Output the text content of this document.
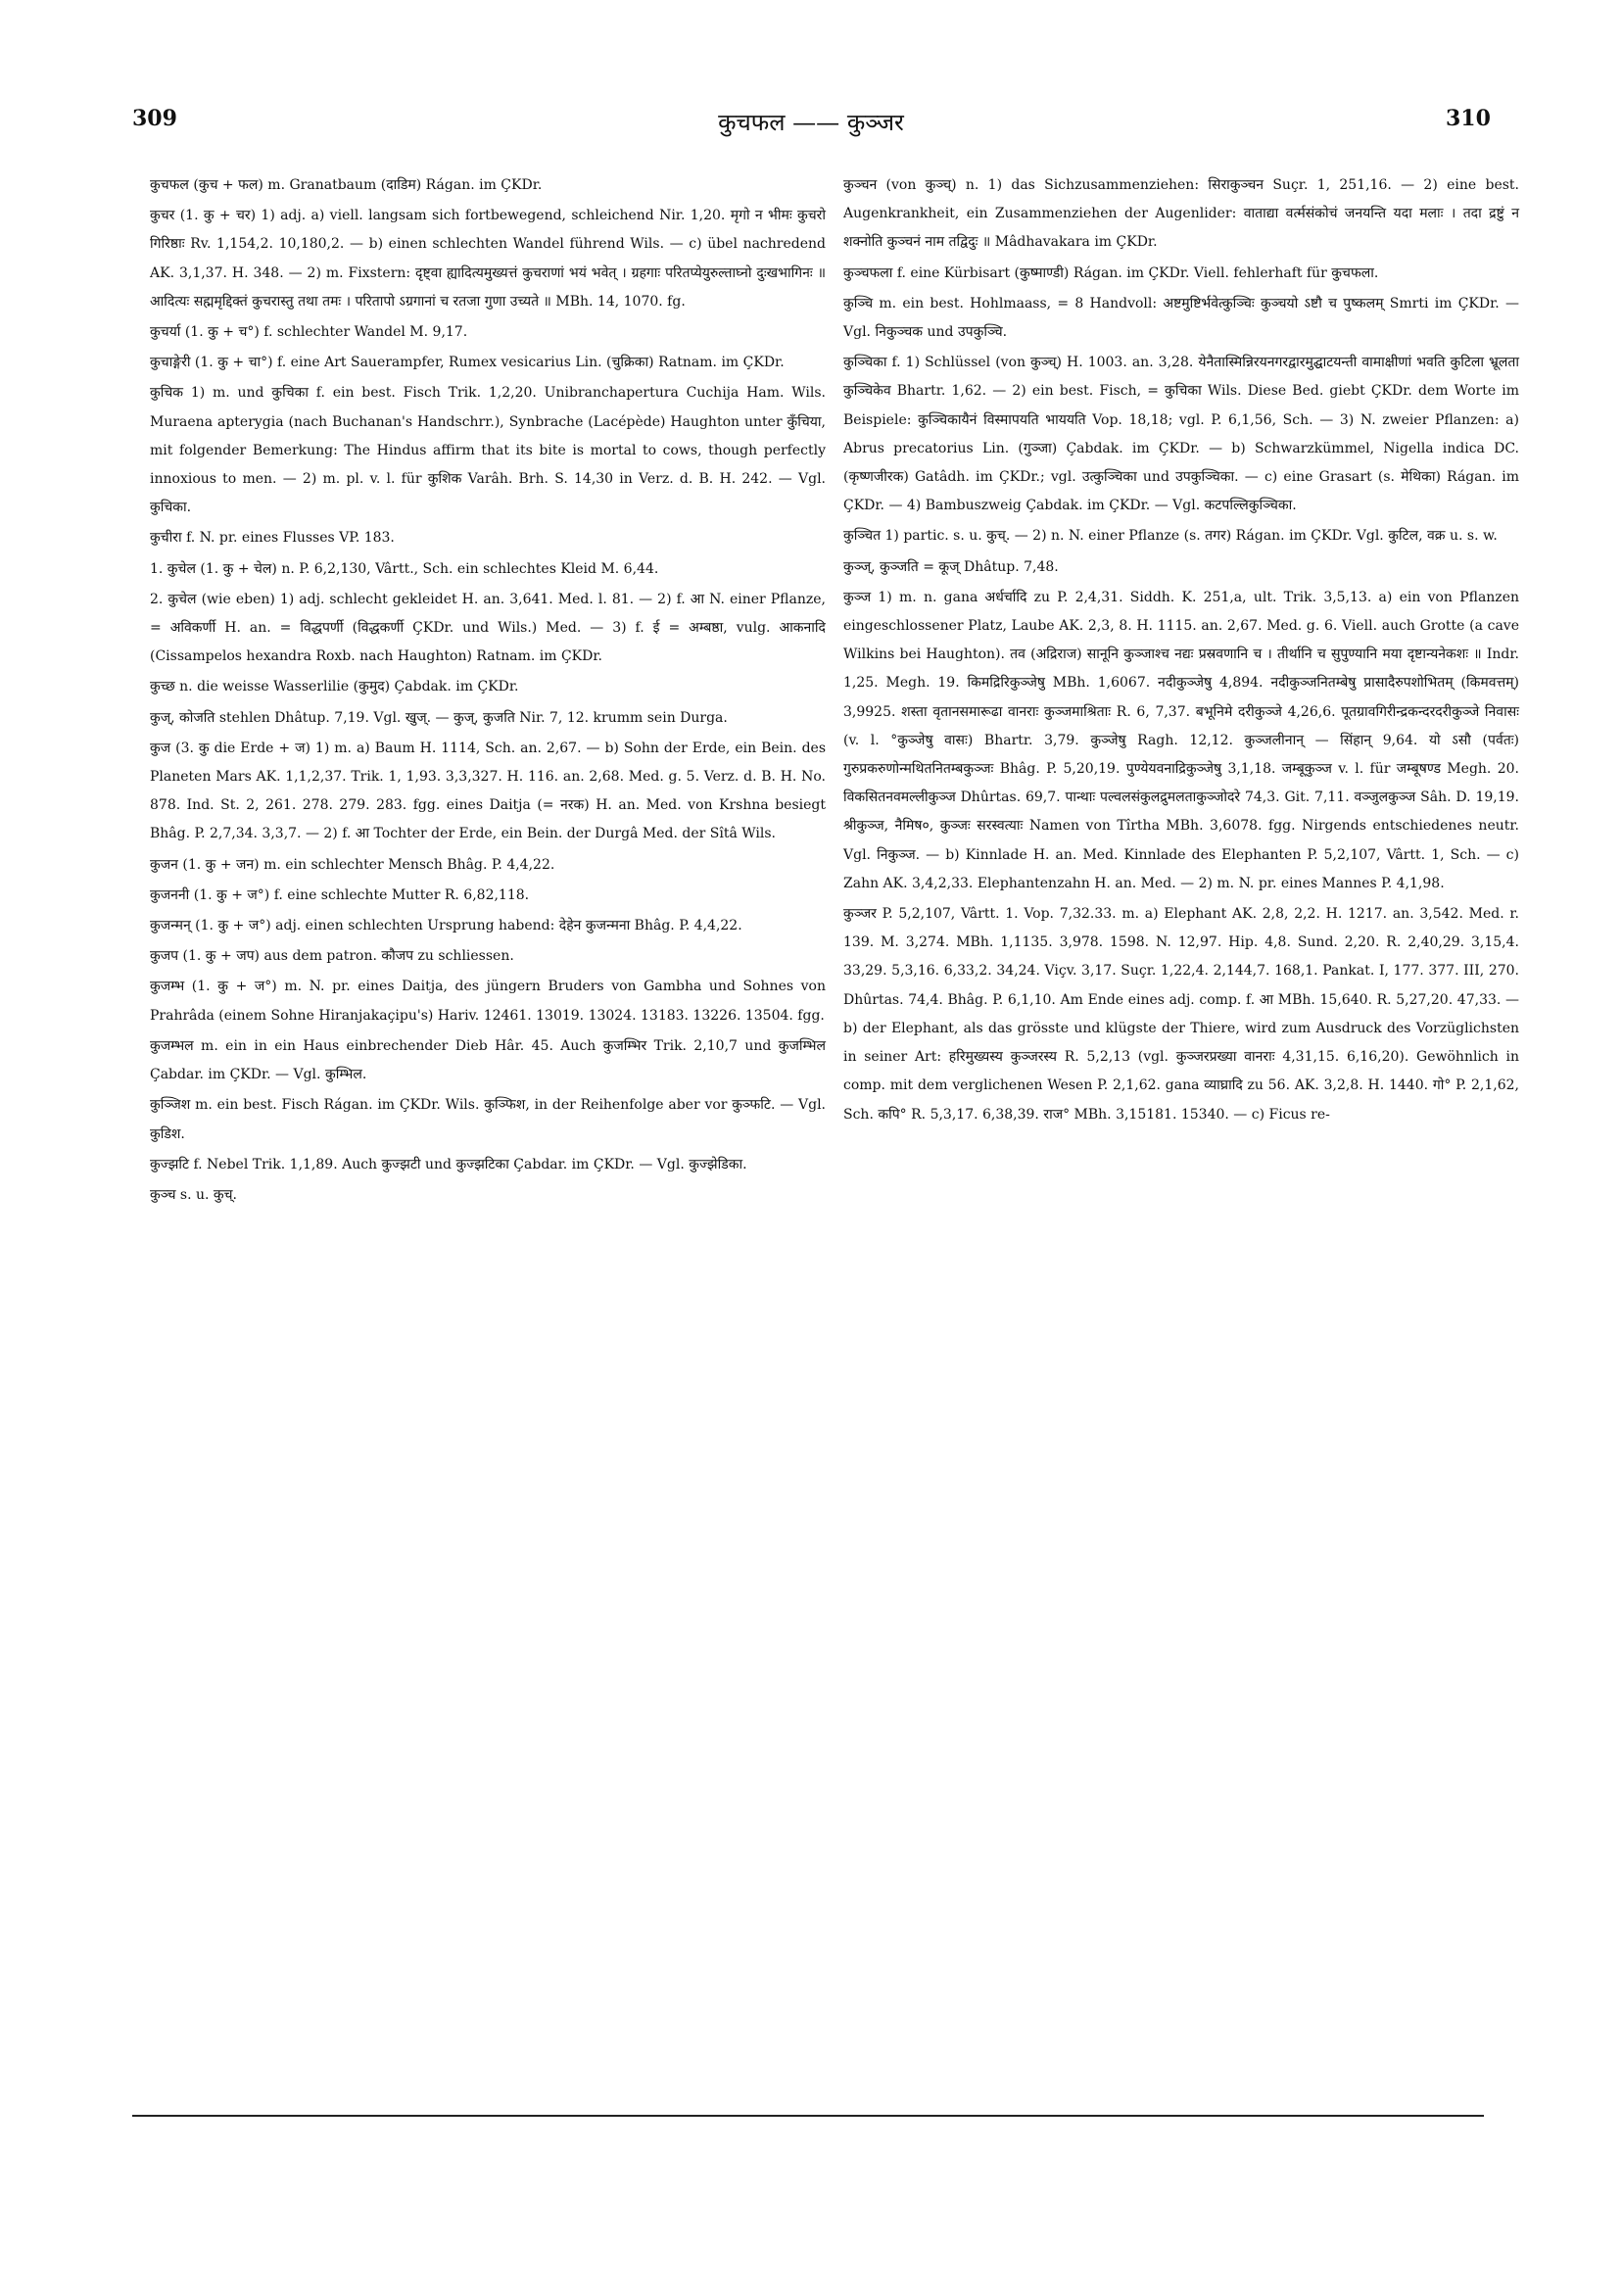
309	कुचफल —— कुञ्जर	310

कुचफल (कुच + फल) m. Granatbaum (दाडिम) Rágan. im ÇKDr.

कुचर (1. कु + चर) 1) adj. a) viell. langsam sich fortbewegend, schleichend Nir. 1,20. मृगो न भीमः कुचरो गिरिष्ठाः Rv. 1,154,2. 10,180,2. — b) einen schlechten Wandel führend Wils. — c) übel nachredend AK. 3,1,37. H. 348. — 2) m. Fixstern: दृष्ट्वा ह्यादित्यमुख्यत्तं कुचराणां भयं भवेत् । ग्रहगाः परितप्येयुरुल्ताघ्नो दुःखभागिनः ॥ आदित्यः सह्ममृद्दिक्तं कुचरास्तु तथा तमः । परितापो ऽग्रगानां च रतजा गुणा उच्यते ॥ MBh. 14, 1070. fg.

कुचर्या (1. कु + च°) f. schlechter Wandel M. 9,17.

कुचाङ्गेरी (1. कु + चा°) f. eine Art Sauerampfer, Rumex vesicarius Lin. (चुक्रिका) Ratnam. im ÇKDr.

कुचिक 1) m. und कुचिका f. ein best. Fisch Trik. 1,2,20. Unibranchapertura Cuchija Ham. Wils. Muraena apterygia (nach Buchanan's Handschrr.), Synbrache (Lacépède) Haughton unter कुँचिया, mit folgender Bemerkung: The Hindus affirm that its bite is mortal to cows, though perfectly innoxious to men. — 2) m. pl. v. l. für कुशिक Varâh. Brh. S. 14,30 in Verz. d. B. H. 242. — Vgl. कुचिका.

कुचीरा f. N. pr. eines Flusses VP. 183.

1. कुचेल (1. कु + चेल) n. P. 6,2,130, Vârtt., Sch. ein schlechtes Kleid M. 6,44.

2. कुचेल (wie eben) 1) adj. schlecht gekleidet H. an. 3,641. Med. l. 81. — 2) f. आ N. einer Pflanze, = अविकर्णी H. an. = विद्धपर्णी (विद्धकर्णी ÇKDr. und Wils.) Med. — 3) f. ई = अम्बष्ठा, vulg. आकनादि (Cissampelos hexandra Roxb. nach Haughton) Ratnam. im ÇKDr.

कुच्छ n. die weisse Wasserlilie (कुमुद) Çabdak. im ÇKDr.

कुज्, कोजति stehlen Dhâtup. 7,19. Vgl. खुज्. — कुज्, कुजति Nir. 7, 12. krumm sein Durga.

कुज (3. कु die Erde + ज) 1) m. a) Baum H. 1114, Sch. an. 2,67. — b) Sohn der Erde, ein Bein. des Planeten Mars AK. 1,1,2,37. Trik. 1, 1,93. 3,3,327. H. 116. an. 2,68. Med. g. 5. Verz. d. B. H. No. 878. Ind. St. 2, 261. 278. 279. 283. fgg. eines Daitja (= नरक) H. an. Med. von Krshna besiegt Bhâg. P. 2,7,34. 3,3,7. — 2) f. आ Tochter der Erde, ein Bein. der Durgâ Med. der Sîtâ Wils.

कुजन (1. कु + जन) m. ein schlechter Mensch Bhâg. P. 4,4,22.

कुजननी (1. कु + ज°) f. eine schlechte Mutter R. 6,82,118.

कुजन्मन् (1. कु + ज°) adj. einen schlechten Ursprung habend: देहेन कुजन्मना Bhâg. P. 4,4,22.

कुजप (1. कु + जप) aus dem patron. कौजप zu schliessen.

कुजम्भ (1. कु + ज°) m. N. pr. eines Daitja, des jüngern Bruders von Gambha und Sohnes von Prahrâda (einem Sohne Hiranjakaçipu's) Hariv. 12461. 13019. 13024. 13183. 13226. 13504. fgg.

कुजम्भल m. ein in ein Haus einbrechender Dieb Hâr. 45. Auch कुजम्भिर Trik. 2,10,7 und कुजम्भिल Çabdar. im ÇKDr. — Vgl. कुम्भिल.

कुञ्जिश m. ein best. Fisch Rágan. im ÇKDr. Wils. कुञ्फिश, in der Reihenfolge aber vor कुञ्फटि. — Vgl. कुडिश.

कुज्झटि f. Nebel Trik. 1,1,89. Auch कुज्झटी und कुज्झटिका Çabdar. im ÇKDr. — Vgl. कुज्झेडिका.

कुञ्च s. u. कुच्.

कुञ्चन (von कुञ्च्) n. 1) das Sichzusammenziehen: सिराकुञ्चन Suçr. 1, 251,16. — 2) eine best. Augenkrankheit, ein Zusammenziehen der Augenlider: वाताद्या वर्त्मसंकोचं जनयन्ति यदा मलाः । तदा द्रष्टुं न शक्नोति कुञ्चनं नाम तद्विदुः ॥ Mâdhavakara im ÇKDr.

कुञ्चफला f. eine Kürbisart (कुष्माण्डी) Rágan. im ÇKDr. Viell. fehlerhaft für कुचफला.

कुञ्चि m. ein best. Hohlmaass, = 8 Handvoll: अष्टमुष्टिर्भवेत्कुञ्चिः कुञ्चयो ऽष्टौ च पुष्कलम् Smrti im ÇKDr. — Vgl. निकुञ्चक und उपकुञ्चि.

कुञ्चिका f. 1) Schlüssel (von कुञ्च्) H. 1003. an. 3,28. येनैतास्मिन्निरयनगरद्वारमुद्घाटयन्ती वामाक्षीणां भवति कुटिला भ्रूलता कुञ्चिकेव Bhartr. 1,62. — 2) ein best. Fisch, = कुचिका Wils. Diese Bed. giebt ÇKDr. dem Worte im Beispiele: कुञ्चिकायैनं विस्मापयति भाययति Vop. 18,18; vgl. P. 6,1,56, Sch. — 3) N. zweier Pflanzen: a) Abrus precatorius Lin. (गुञ्जा) Çabdak. im ÇKDr. — b) Schwarzkümmel, Nigella indica DC. (कृष्णजीरक) Gatâdh. im ÇKDr.; vgl. उत्कुञ्चिका und उपकुञ्चिका. — c) eine Grasart (s. मेथिका) Rágan. im ÇKDr. — 4) Bambuszweig Çabdak. im ÇKDr. — Vgl. कटपल्लिकुञ्चिका.

कुञ्चित 1) partic. s. u. कुच्. — 2) n. N. einer Pflanze (s. तगर) Rágan. im ÇKDr. Vgl. कुटिल, वक्र u. s. w.

कुञ्ज्, कुञ्जति = कूज् Dhâtup. 7,48.

कुञ्ज 1) m. n. gana अर्धर्चादि zu P. 2,4,31. Siddh. K. 251,a, ult. Trik. 3,5,13. a) ein von Pflanzen eingeschlossener Platz, Laube AK. 2,3, 8. H. 1115. an. 2,67. Med. g. 6. Viell. auch Grotte (a cave Wilkins bei Haughton). तव (अद्रिराज) सानूनि कुञ्जाश्च नद्यः प्रस्रवणानि च । तीर्थानि च सुपुण्यानि मया दृष्टान्यनेकशः ॥ Indr. 1,25. Megh. 19. किमद्रिरिकुञ्जेषु MBh. 1,6067. नदीकुञ्जेषु 4,894. नदीकुञ्जनितम्बेषु प्रासादैरुपशोभितम् (किमवत्तम्) 3,9925. शस्ता वृतानसमारूढा वानराः कुञ्जमाश्रिताः R. 6, 7,37. बभूनिमे दरीकुञ्जे 4,26,6. पूतग्रावगिरीन्द्रकन्दरदरीकुञ्जे निवासः (v. l. °कुञ्जेषु वासः) Bhartr. 3,79. कुञ्जेषु Ragh. 12,12. कुञ्जलीनान् — सिंहान् 9,64. यो ऽसौ (पर्वतः) गुरुप्रकरुणोन्मथितनितम्बकुञ्जः Bhâg. P. 5,20,19. पुण्येयवनाद्रिकुञ्जेषु 3,1,18. जम्बूकुञ्ज v. l. für जम्बूषण्ड Megh. 20. विकसितनवमल्लीकुञ्ज Dhûrtas. 69,7. पान्थाः पल्वलसंकुलद्रुमलताकुञ्जोदरे 74,3. Git. 7,11. वञ्जुलकुञ्ज Sâh. D. 19,19. श्रीकुञ्ज, नैमिष०, कुञ्जः सरस्वत्याः Namen von Tîrtha MBh. 3,6078. fgg. Nirgends entschiedenes neutr. Vgl. निकुञ्ज. — b) Kinnlade H. an. Med. Kinnlade des Elephanten P. 5,2,107, Vârtt. 1, Sch. — c) Zahn AK. 3,4,2,33. Elephantenzahn H. an. Med. — 2) m. N. pr. eines Mannes P. 4,1,98.

कुञ्जर P. 5,2,107, Vârtt. 1. Vop. 7,32.33. m. a) Elephant AK. 2,8, 2,2. H. 1217. an. 3,542. Med. r. 139. M. 3,274. MBh. 1,1135. 3,978. 1598. N. 12,97. Hip. 4,8. Sund. 2,20. R. 2,40,29. 3,15,4. 33,29. 5,3,16. 6,33,2. 34,24. Viçv. 3,17. Suçr. 1,22,4. 2,144,7. 168,1. Pankat. I, 177. 377. III, 270. Dhûrtas. 74,4. Bhâg. P. 6,1,10. Am Ende eines adj. comp. f. आ MBh. 15,640. R. 5,27,20. 47,33. — b) der Elephant, als das grösste und klügste der Thiere, wird zum Ausdruck des Vorzüglichsten in seiner Art: हरिमुख्यस्य कुञ्जरस्य R. 5,2,13 (vgl. कुञ्जरप्रख्या वानराः 4,31,15. 6,16,20). Gewöhnlich in comp. mit dem verglichenen Wesen P. 2,1,62. gana व्याघ्रादि zu 56. AK. 3,2,8. H. 1440. गो° P. 2,1,62, Sch. कपि° R. 5,3,17. 6,38,39. राज° MBh. 3,15181. 15340. — c) Ficus re-
